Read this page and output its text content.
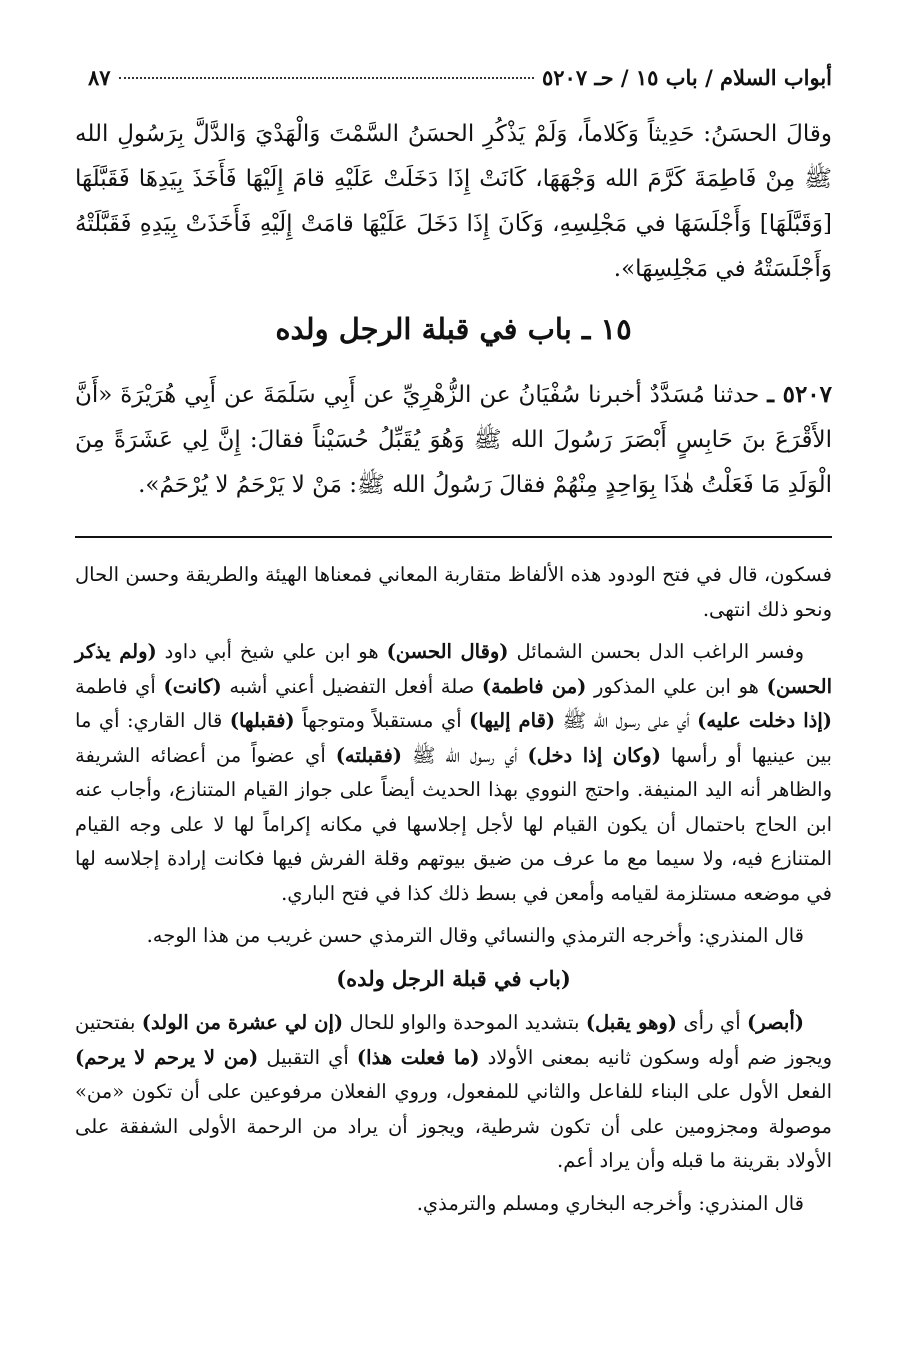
أبواب السلام / باب ١٥ / حـ ٥٢٠٧
٨٧

وقالَ الحسَنُ: حَدِيثاً وَكَلاماً، وَلَمْ يَذْكُرِ الحسَنُ السَّمْتَ وَالْهَدْيَ وَالدَّلَّ بِرَسُولِ الله ﷺ مِنْ فَاطِمَةَ كَرَّمَ الله وَجْهَهَا، كَانَتْ إِذَا دَخَلَتْ عَلَيْهِ قامَ إِلَيْهَا فَأَخَذَ بِيَدِهَا فَقَبَّلَهَا [وَقَبَّلَهَا] وَأَجْلَسَهَا في مَجْلِسِهِ، وَكَانَ إِذَا دَخَلَ عَلَيْهَا قامَتْ إِلَيْهِ فَأَخَذَتْ بِيَدِهِ فَقَبَّلَتْهُ وَأَجْلَسَتْهُ في مَجْلِسِهَا».

١٥ ـ باب في قبلة الرجل ولده

٥٢٠٧ ـ حدثنا مُسَدَّدٌ أخبرنا سُفْيَانُ عن الزُّهْرِيِّ عن أَبِي سَلَمَةَ عن أَبِي هُرَيْرَةَ «أَنَّ الأَقْرَعَ بنَ حَابِسٍ أَبْصَرَ رَسُولَ الله ﷺ وَهُوَ يُقَبِّلُ حُسَيْناً فقالَ: إِنَّ لِي عَشَرَةً مِنَ الْوَلَدِ مَا فَعَلْتُ هٰذَا بِوَاحِدٍ مِنْهُمْ فقالَ رَسُولُ الله ﷺ: مَنْ لا يَرْحَمُ لا يُرْحَمُ».

فسكون، قال في فتح الودود هذه الألفاظ متقاربة المعاني فمعناها الهيئة والطريقة وحسن الحال ونحو ذلك انتهى.

وفسر الراغب الدل بحسن الشمائل (وقال الحسن) هو ابن علي شيخ أبي داود (ولم يذكر الحسن) هو ابن علي المذكور (من فاطمة) صلة أفعل التفضيل أعني أشبه (كانت) أي فاطمة (إذا دخلت عليه) أي على رسول الله ﷺ (قام إليها) أي مستقبلاً ومتوجهاً (فقبلها) قال القاري: أي ما بين عينيها أو رأسها (وكان إذا دخل) أي رسول الله ﷺ (فقبلته) أي عضواً من أعضائه الشريفة والظاهر أنه اليد المنيفة. واحتج النووي بهذا الحديث أيضاً على جواز القيام المتنازع، وأجاب عنه ابن الحاج باحتمال أن يكون القيام لها لأجل إجلاسها في مكانه إكراماً لها لا على وجه القيام المتنازع فيه، ولا سيما مع ما عرف من ضيق بيوتهم وقلة الفرش فيها فكانت إرادة إجلاسه لها في موضعه مستلزمة لقيامه وأمعن في بسط ذلك كذا في فتح الباري.

قال المنذري: وأخرجه الترمذي والنسائي وقال الترمذي حسن غريب من هذا الوجه.

(باب في قبلة الرجل ولده)

(أبصر) أي رأى (وهو يقبل) بتشديد الموحدة والواو للحال (إن لي عشرة من الولد) بفتحتين ويجوز ضم أوله وسكون ثانيه بمعنى الأولاد (ما فعلت هذا) أي التقبيل (من لا يرحم لا يرحم) الفعل الأول على البناء للفاعل والثاني للمفعول، وروي الفعلان مرفوعين على أن تكون «من» موصولة ومجزومين على أن تكون شرطية، ويجوز أن يراد من الرحمة الأولى الشفقة على الأولاد بقرينة ما قبله وأن يراد أعم.

قال المنذري: وأخرجه البخاري ومسلم والترمذي.
